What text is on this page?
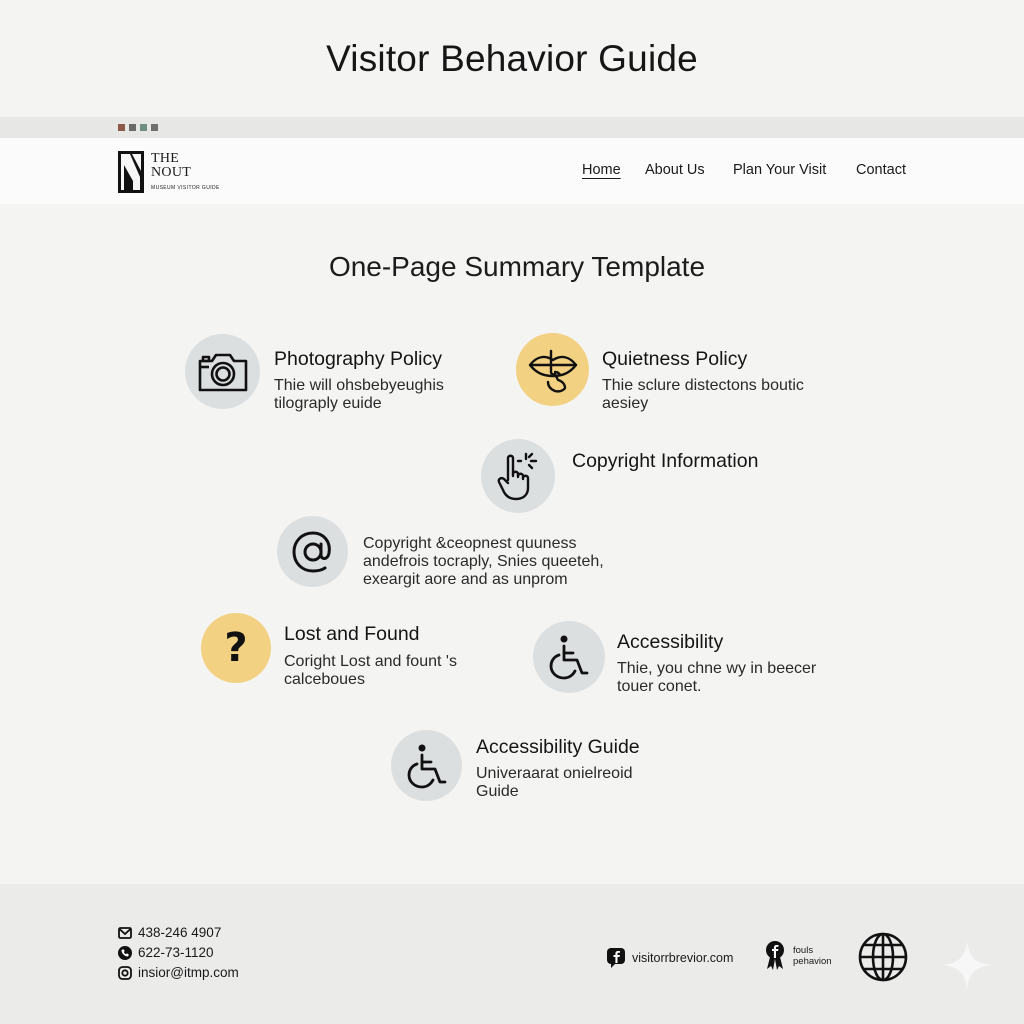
Visitor Behavior Guide
THE
NOUT
MUSEUM VISITOR GUIDE
Home About Us Plan Your Visit Contact
One-Page Summary Template
Photography Policy
Thie will ohsbebyeughis
tilograply euide
Quietness Policy
Thie sclure distectons boutic
aesiey
Copyright Information
Copyright &ceopnest quuness
andefrois tocraply, Snies queeteh,
exeargit aore and as unprom
? Lost and Found
Coright Lost and fount 's
calceboues
Accessibility
Thie, you chne wy in beecer
touer conet.
Accessibility Guide
Univeraarat onielreoid
Guide
438-246 4907
622-73-1120
insior@itmp.com
visitorrbrevior.com
fouls
pehavion
